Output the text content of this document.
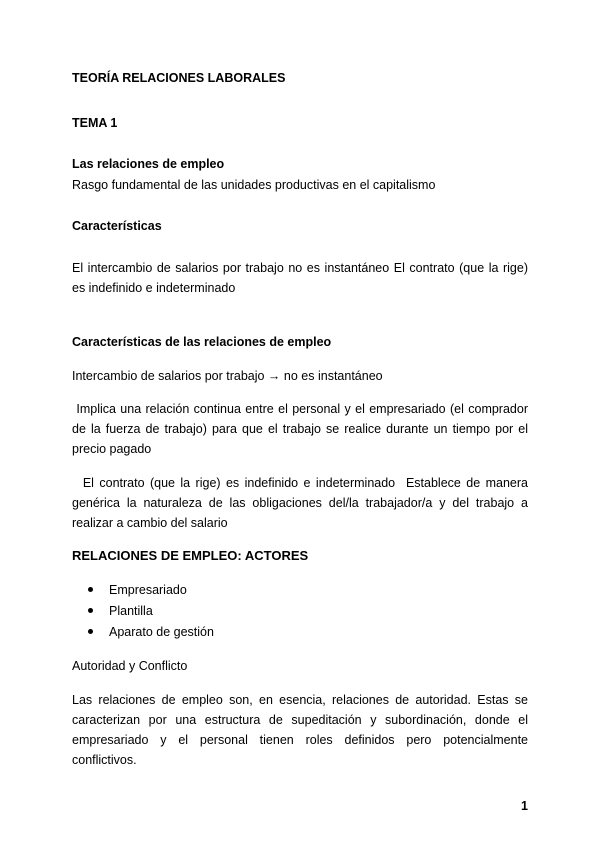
TEORÍA RELACIONES LABORALES

TEMA 1

Las relaciones de empleo

Rasgo fundamental de las unidades productivas en el capitalismo

Características

El intercambio de salarios por trabajo no es instantáneo El contrato (que la rige) es indefinido e indeterminado

Características de las relaciones de empleo

Intercambio de salarios por trabajo → no es instantáneo

Implica una relación continua entre el personal y el empresariado (el comprador de la fuerza de trabajo) para que el trabajo se realice durante un tiempo por el precio pagado

El contrato (que la rige) es indefinido e indeterminado  Establece de manera genérica la naturaleza de las obligaciones del/la trabajador/a y del trabajo a realizar a cambio del salario

RELACIONES DE EMPLEO: ACTORES

Empresariado
Plantilla
Aparato de gestión

Autoridad y Conflicto

Las relaciones de empleo son, en esencia, relaciones de autoridad. Estas se caracterizan por una estructura de supeditación y subordinación, donde el empresariado y el personal tienen roles definidos pero potencialmente conflictivos.

1
